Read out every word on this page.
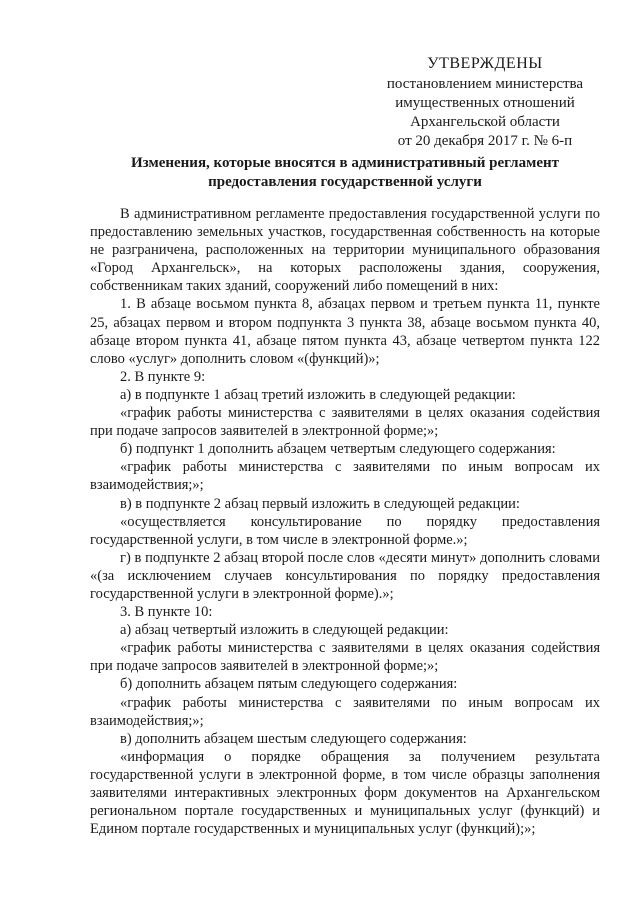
УТВЕРЖДЕНЫ
постановлением министерства
имущественных отношений
Архангельской области
от 20 декабря 2017 г. № 6-п
Изменения, которые вносятся в административный регламент
предоставления государственной услуги

В административном регламенте предоставления государственной услуги по предоставлению земельных участков, государственная собственность на которые не разграничена, расположенных на территории муниципального образования «Город Архангельск», на которых расположены здания, сооружения, собственникам таких зданий, сооружений либо помещений в них:

1. В абзаце восьмом пункта 8, абзацах первом и третьем пункта 11, пункте 25, абзацах первом и втором подпункта 3 пункта 38, абзаце восьмом пункта 40, абзаце втором пункта 41, абзаце пятом пункта 43, абзаце четвертом пункта 122 слово «услуг» дополнить словом «(функций)»;

2. В пункте 9:

а) в подпункте 1 абзац третий изложить в следующей редакции:

«график работы министерства с заявителями в целях оказания содействия при подаче запросов заявителей в электронной форме;»;

б) подпункт 1 дополнить абзацем четвертым следующего содержания:

«график работы министерства с заявителями по иным вопросам их взаимодействия;»;

в) в подпункте 2 абзац первый изложить в следующей редакции:

«осуществляется консультирование по порядку предоставления государственной услуги, в том числе в электронной форме.»;

г) в подпункте 2 абзац второй после слов «десяти минут» дополнить словами «(за исключением случаев консультирования по порядку предоставления государственной услуги в электронной форме).»;

3. В пункте 10:

а) абзац четвертый изложить в следующей редакции:

«график работы министерства с заявителями в целях оказания содействия при подаче запросов заявителей в электронной форме;»;

б) дополнить абзацем пятым следующего содержания:

«график работы министерства с заявителями по иным вопросам их взаимодействия;»;

в) дополнить абзацем шестым следующего содержания:

«информация о порядке обращения за получением результата государственной услуги в электронной форме, в том числе образцы заполнения заявителями интерактивных электронных форм документов на Архангельском региональном портале государственных и муниципальных услуг (функций) и Едином портале государственных и муниципальных услуг (функций);»;
